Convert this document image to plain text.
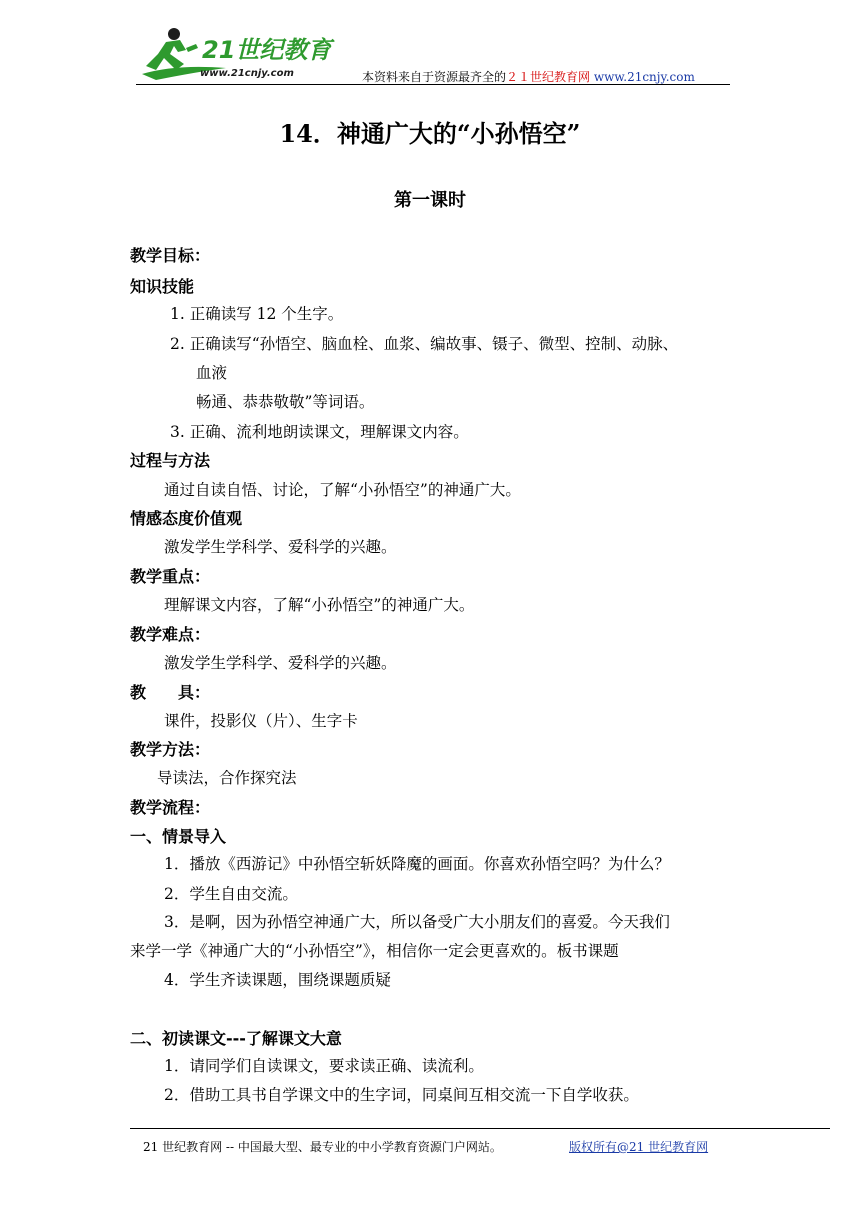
21世纪教育
www.21cnjy.com	本资料来自于资源最齐全的２１世纪教育网 www.21cnjy.com
14．神通广大的“小孙悟空”
第一课时
教学目标：
知识技能
1. 正确读写 12 个生字。
2. 正确读写“孙悟空、脑血栓、血浆、编故事、镊子、微型、控制、动脉、
血液
畅通、恭恭敬敬”等词语。
3. 正确、流利地朗读课文，理解课文内容。
过程与方法
通过自读自悟、讨论，了解“小孙悟空”的神通广大。
情感态度价值观
激发学生学科学、爱科学的兴趣。
教学重点：
理解课文内容，了解“小孙悟空”的神通广大。
教学难点：
激发学生学科学、爱科学的兴趣。
教　　具：
课件，投影仪（片）、生字卡
教学方法：
导读法，合作探究法
教学流程：
一、情景导入
1．播放《西游记》中孙悟空斩妖降魔的画面。你喜欢孙悟空吗？为什么？
2．学生自由交流。
3．是啊，因为孙悟空神通广大，所以备受广大小朋友们的喜爱。今天我们
来学一学《神通广大的“小孙悟空”》，相信你一定会更喜欢的。板书课题
4．学生齐读课题，围绕课题质疑
二、初读课文---了解课文大意
1．请同学们自读课文，要求读正确、读流利。
2．借助工具书自学课文中的生字词，同桌间互相交流一下自学收获。
21 世纪教育网 -- 中国最大型、最专业的中小学教育资源门户网站。	版权所有@21 世纪教育网
